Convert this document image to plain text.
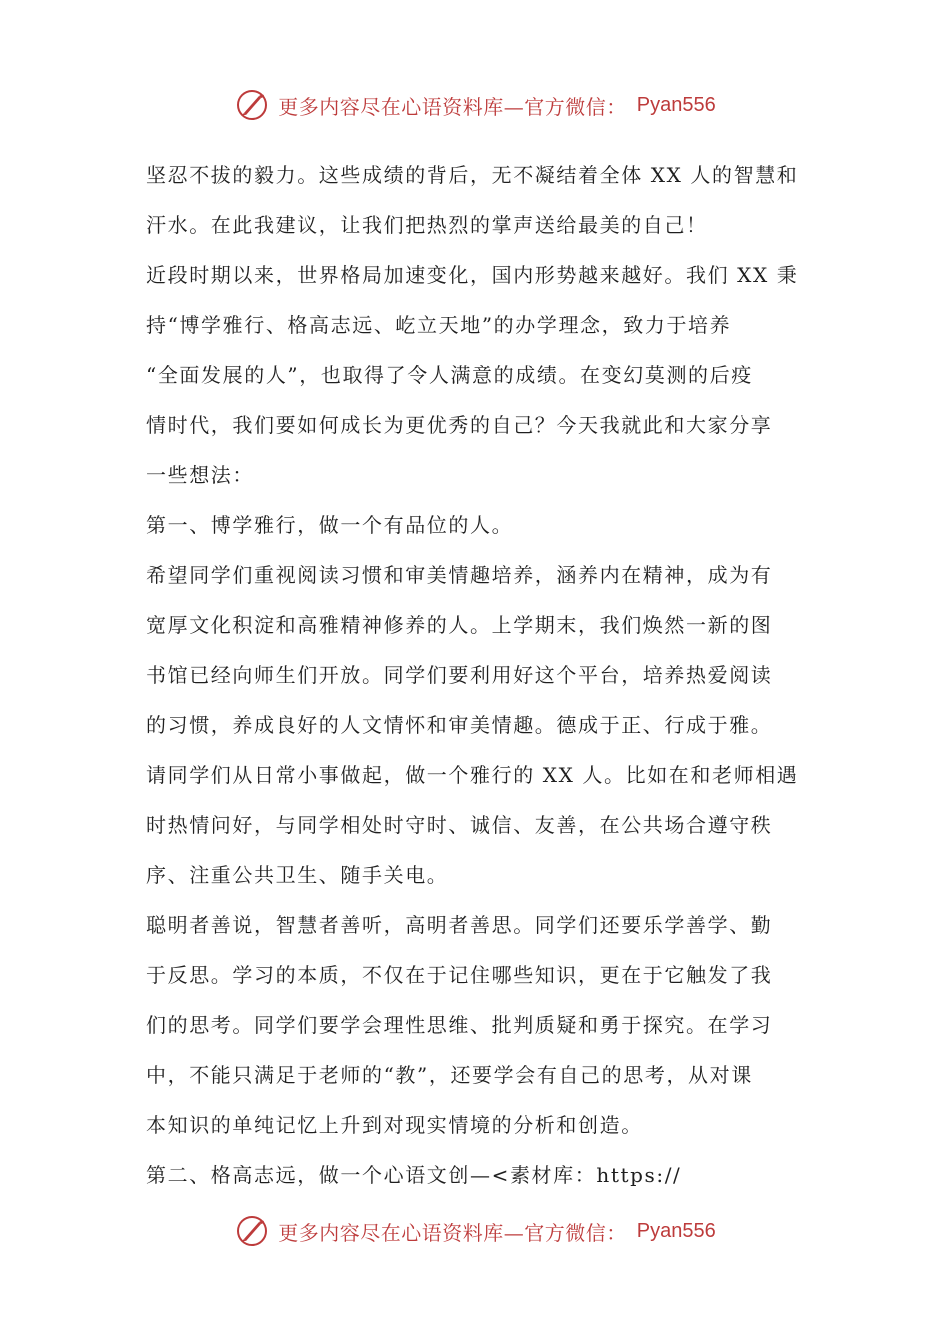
更多内容尽在心语资料库—官方微信： Pyan556
坚忍不拔的毅力。这些成绩的背后，无不凝结着全体 XX 人的智慧和
汗水。在此我建议，让我们把热烈的掌声送给最美的自己！
近段时期以来，世界格局加速变化，国内形势越来越好。我们 XX 秉
持“博学雅行、格高志远、屹立天地”的办学理念，致力于培养
“全面发展的人”，也取得了令人满意的成绩。在变幻莫测的后疫
情时代，我们要如何成长为更优秀的自己？今天我就此和大家分享
一些想法：
第一、博学雅行，做一个有品位的人。
希望同学们重视阅读习惯和审美情趣培养，涵养内在精神，成为有
宽厚文化积淀和高雅精神修养的人。上学期末，我们焕然一新的图
书馆已经向师生们开放。同学们要利用好这个平台，培养热爱阅读
的习惯，养成良好的人文情怀和审美情趣。德成于正、行成于雅。
请同学们从日常小事做起，做一个雅行的 XX 人。比如在和老师相遇
时热情问好，与同学相处时守时、诚信、友善，在公共场合遵守秩
序、注重公共卫生、随手关电。
聪明者善说，智慧者善听，高明者善思。同学们还要乐学善学、勤
于反思。学习的本质，不仅在于记住哪些知识，更在于它触发了我
们的思考。同学们要学会理性思维、批判质疑和勇于探究。在学习
中，不能只满足于老师的“教”，还要学会有自己的思考，从对课
本知识的单纯记忆上升到对现实情境的分析和创造。
第二、格高志远，做一个心语文创—<素材库：https://
更多内容尽在心语资料库—官方微信： Pyan556
